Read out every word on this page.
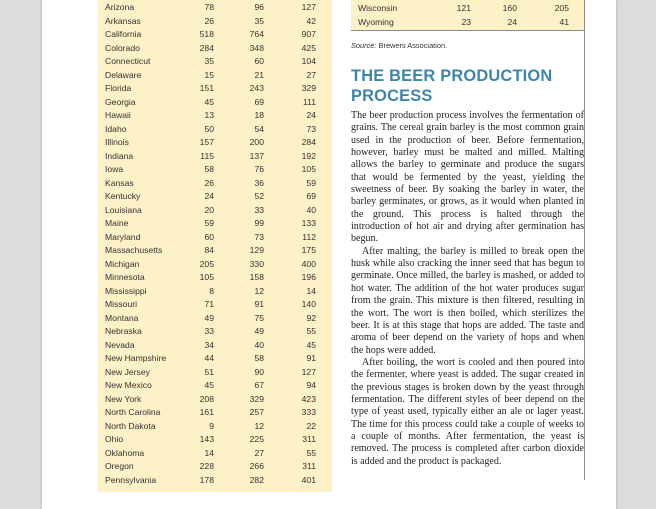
Arizona	78	96	127
Arkansas	26	35	42
California	518	764	907
Colorado	284	348	425
Connecticut	35	60	104
Delaware	15	21	27
Florida	151	243	329
Georgia	45	69	111
Hawaii	13	18	24
Idaho	50	54	73
Illinois	157	200	284
Indiana	115	137	192
Iowa	58	76	105
Kansas	26	36	59
Kentucky	24	52	69
Louisiana	20	33	40
Maine	59	99	133
Maryland	60	73	112
Massachusetts	84	129	175
Michigan	205	330	400
Minnesota	105	158	196
Mississippi	8	12	14
Missouri	71	91	140
Montana	49	75	92
Nebraska	33	49	55
Nevada	34	40	45
New Hampshire	44	58	91
New Jersey	51	90	127
New Mexico	45	67	94
New York	208	329	423
North Carolina	161	257	333
North Dakota	9	12	22
Ohio	143	225	311
Oklahoma	14	27	55
Oregon	228	266	311
Pennsylvania	178	282	401
Wisconsin	121	160	205
Wyoming	23	24	41
Source: Brewers Association.
THE BEER PRODUCTION PROCESS

The beer production process involves the fermentation of grains. The cereal grain barley is the most common grain used in the production of beer. Before fermentation, however, barley must be malted and milled. Malting allows the barley to germinate and produce the sugars that would be fermented by the yeast, yielding the sweetness of beer. By soaking the barley in water, the barley germinates, or grows, as it would when planted in the ground. This process is halted through the introduction of hot air and drying after germination has begun.

After malting, the barley is milled to break open the husk while also cracking the inner seed that has begun to germinate. Once milled, the barley is mashed, or added to hot water. The addition of the hot water produces sugar from the grain. This mixture is then filtered, resulting in the wort. The wort is then boiled, which sterilizes the beer. It is at this stage that hops are added. The taste and aroma of beer depend on the variety of hops and when the hops were added.

After boiling, the wort is cooled and then poured into the fermenter, where yeast is added. The sugar created in the previous stages is broken down by the yeast through fermentation. The different styles of beer depend on the type of yeast used, typically either an ale or lager yeast. The time for this process could take a couple of weeks to a couple of months. After fermentation, the yeast is removed. The process is completed after carbon dioxide is added and the product is packaged.
